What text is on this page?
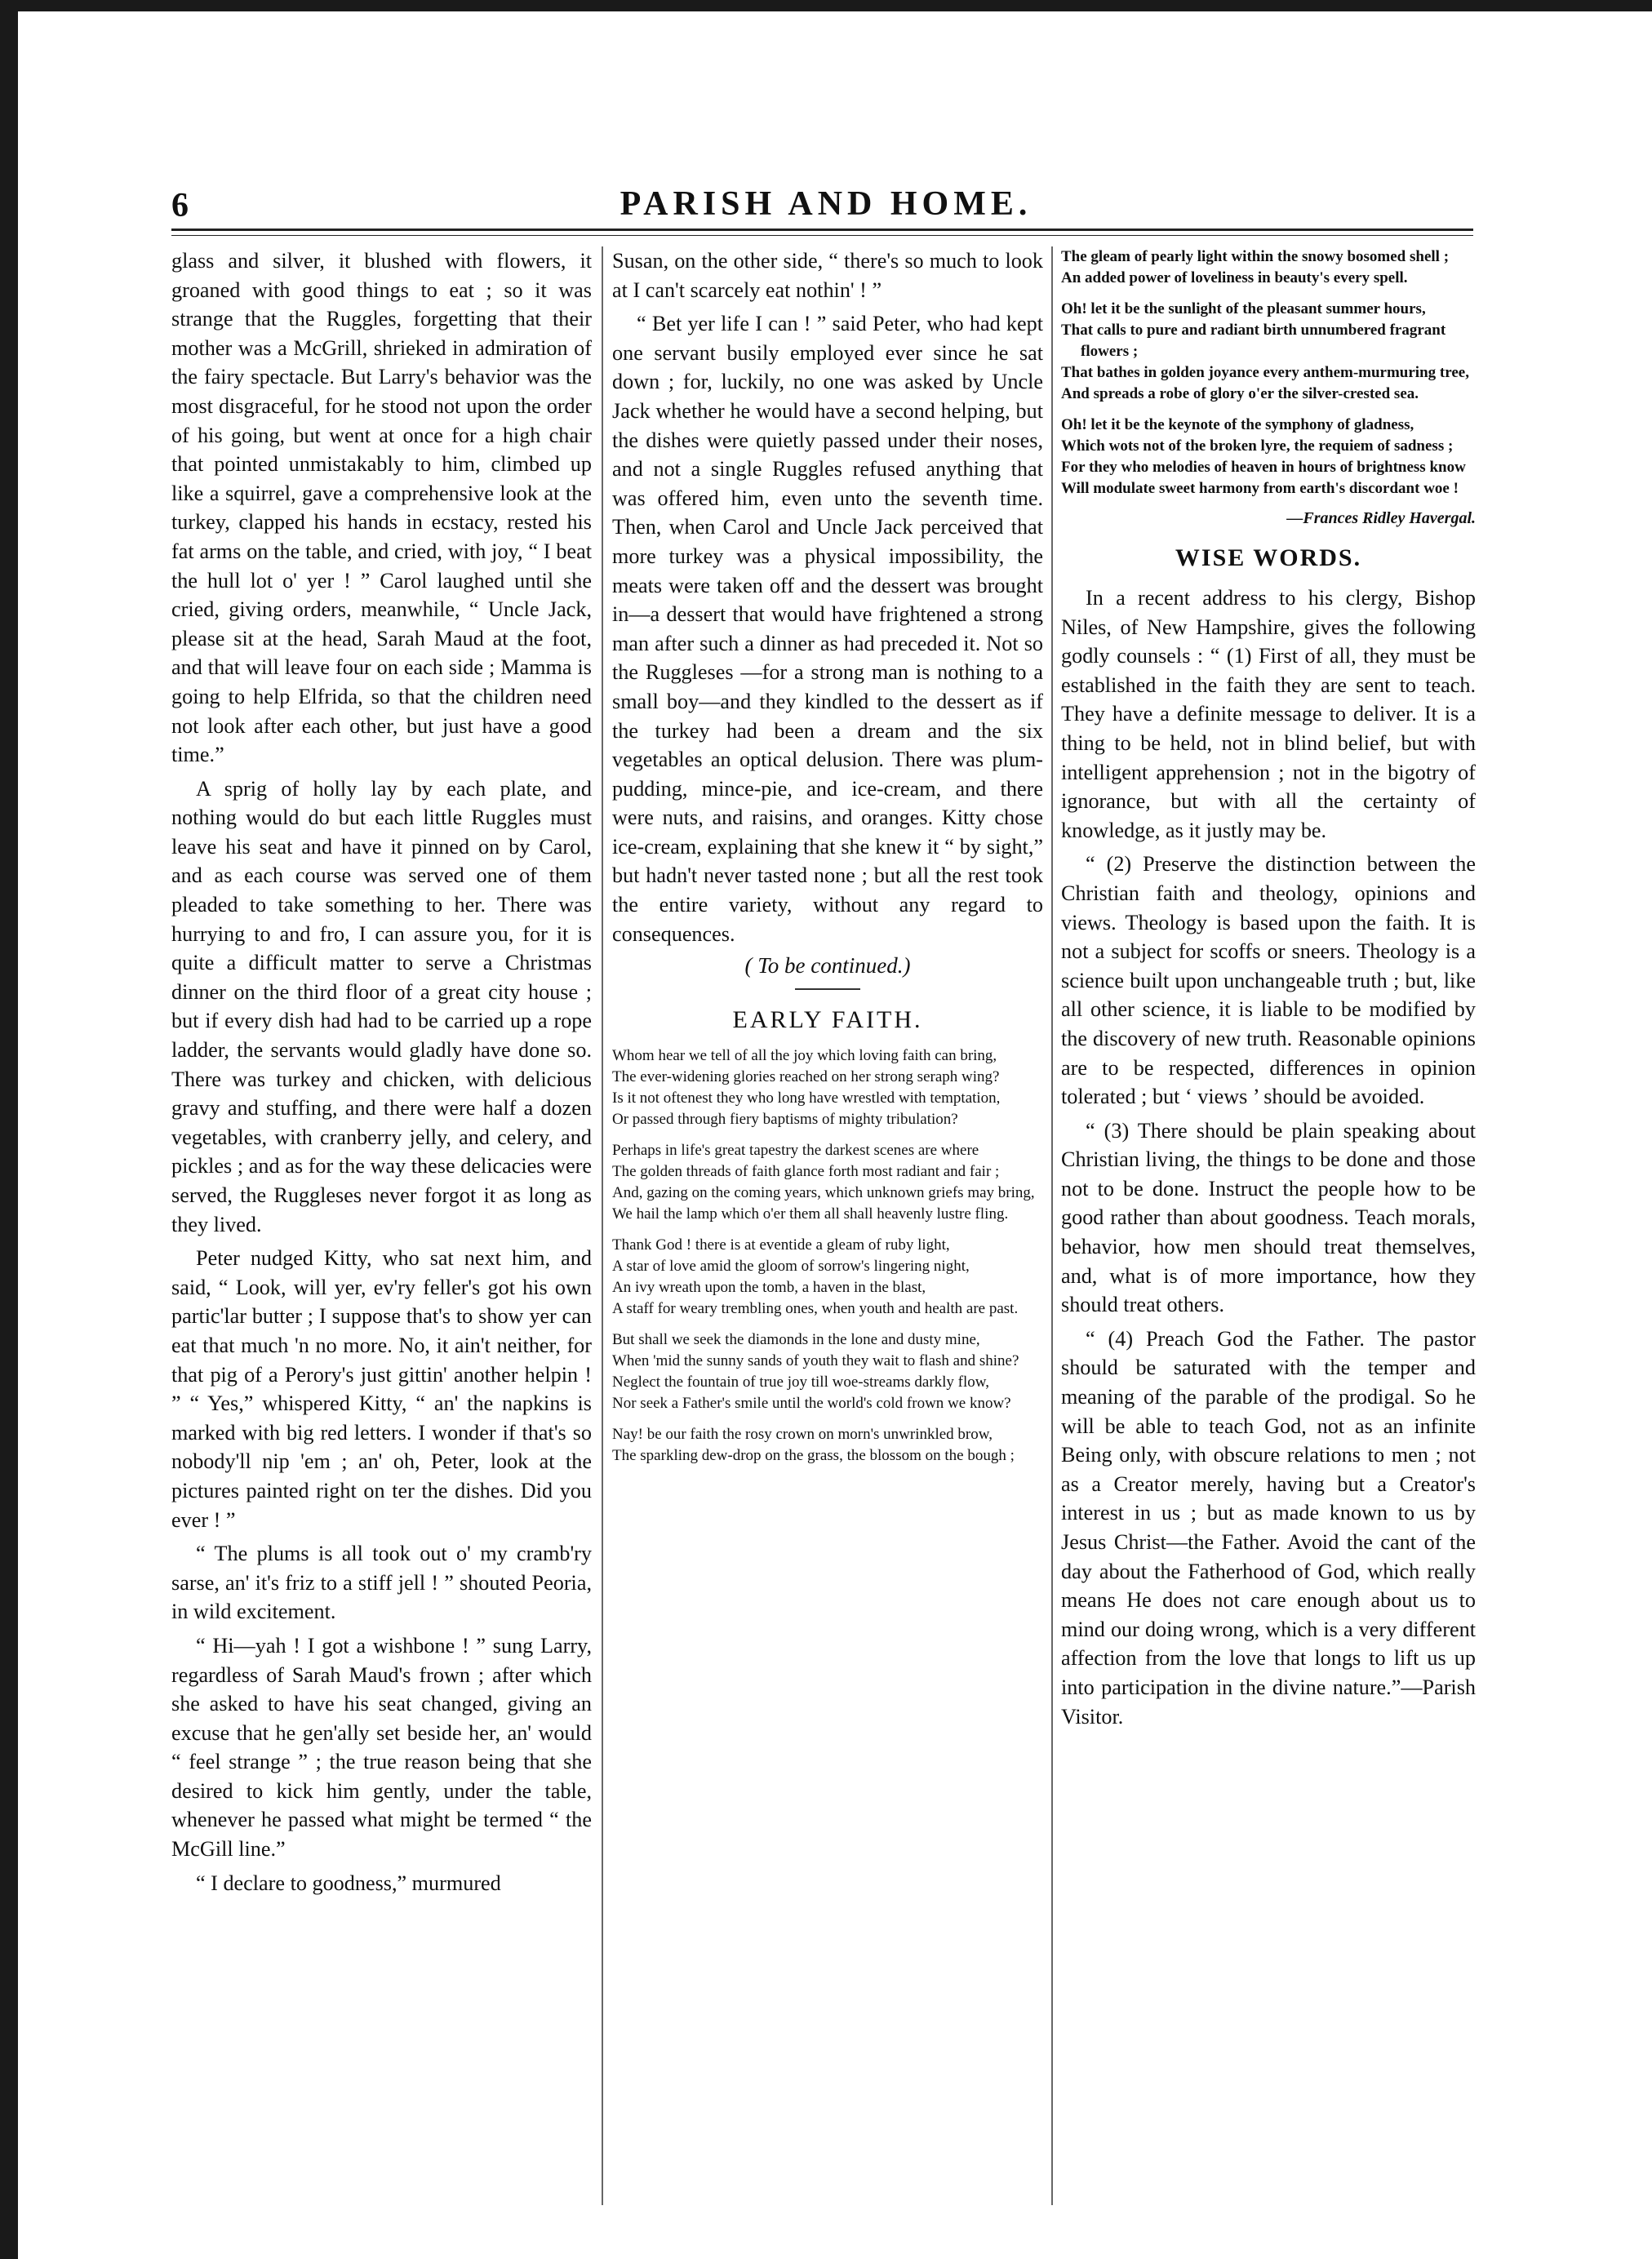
6	PARISH AND HOME.

glass and silver, it blushed with flowers, it groaned with good things to eat ; so it was strange that the Ruggles, forgetting that their mother was a McGrill, shrieked in admiration of the fairy spectacle. But Larry's behavior was the most disgraceful, for he stood not upon the order of his going, but went at once for a high chair that pointed unmistakably to him, climbed up like a squirrel, gave a comprehensive look at the turkey, clapped his hands in ecstacy, rested his fat arms on the table, and cried, with joy, “ I beat the hull lot o' yer ! ” Carol laughed until she cried, giving orders, meanwhile, “ Uncle Jack, please sit at the head, Sarah Maud at the foot, and that will leave four on each side ; Mamma is going to help Elfrida, so that the children need not look after each other, but just have a good time.”

A sprig of holly lay by each plate, and nothing would do but each little Ruggles must leave his seat and have it pinned on by Carol, and as each course was served one of them pleaded to take something to her. There was hurrying to and fro, I can assure you, for it is quite a difficult matter to serve a Christmas dinner on the third floor of a great city house ; but if every dish had had to be carried up a rope ladder, the servants would gladly have done so. There was turkey and chicken, with delicious gravy and stuffing, and there were half a dozen vegetables, with cranberry jelly, and celery, and pickles ; and as for the way these delicacies were served, the Ruggleses never forgot it as long as they lived.

Peter nudged Kitty, who sat next him, and said, “ Look, will yer, ev'ry feller's got his own partic'lar butter ; I suppose that's to show yer can eat that much 'n no more. No, it ain't neither, for that pig of a Perory's just gittin' another helpin ! ” “ Yes,” whispered Kitty, “ an' the napkins is marked with big red letters. I wonder if that's so nobody'll nip 'em ; an' oh, Peter, look at the pictures painted right on ter the dishes. Did you ever ! ”

“ The plums is all took out o' my cramb'ry sarse, an' it's friz to a stiff jell ! ” shouted Peoria, in wild excitement.

“ Hi—yah ! I got a wishbone ! ” sung Larry, regardless of Sarah Maud's frown ; after which she asked to have his seat changed, giving an excuse that he gen'ally set beside her, an' would “ feel strange ” ; the true reason being that she desired to kick him gently, under the table, whenever he passed what might be termed “ the McGill line.”

“ I declare to goodness,” murmured

Susan, on the other side, “ there's so much to look at I can't scarcely eat nothin' ! ”

“ Bet yer life I can ! ” said Peter, who had kept one servant busily employed ever since he sat down ; for, luckily, no one was asked by Uncle Jack whether he would have a second helping, but the dishes were quietly passed under their noses, and not a single Ruggles refused anything that was offered him, even unto the seventh time. Then, when Carol and Uncle Jack perceived that more turkey was a physical impossibility, the meats were taken off and the dessert was brought in—a dessert that would have frightened a strong man after such a dinner as had preceded it. Not so the Ruggleses —for a strong man is nothing to a small boy—and they kindled to the dessert as if the turkey had been a dream and the six vegetables an optical delusion. There was plum-pudding, mince-pie, and ice-cream, and there were nuts, and raisins, and oranges. Kitty chose ice-cream, explaining that she knew it “ by sight,” but hadn't never tasted none ; but all the rest took the entire variety, without any regard to consequences.

( To be continued.)
EARLY FAITH.

Whom hear we tell of all the joy which loving faith can bring,

The ever-widening glories reached on her strong seraph wing?

Is it not oftenest they who long have wrestled with temptation,

Or passed through fiery baptisms of mighty tribulation?

Perhaps in life's great tapestry the darkest scenes are where

The golden threads of faith glance forth most radiant and fair ;

And, gazing on the coming years, which unknown griefs may bring,

We hail the lamp which o'er them all shall heavenly lustre fling.

Thank God ! there is at eventide a gleam of ruby light,

A star of love amid the gloom of sorrow's lingering night,

An ivy wreath upon the tomb, a haven in the blast,

A staff for weary trembling ones, when youth and health are past.

But shall we seek the diamonds in the lone and dusty mine,

When 'mid the sunny sands of youth they wait to flash and shine?

Neglect the fountain of true joy till woe-streams darkly flow,

Nor seek a Father's smile until the world's cold frown we know?

Nay! be our faith the rosy crown on morn's unwrinkled brow,

The sparkling dew-drop on the grass, the blossom on the bough ;

The gleam of pearly light within the snowy bosomed shell ;

An added power of loveliness in beauty's every spell.

Oh! let it be the sunlight of the pleasant summer hours,

That calls to pure and radiant birth unnumbered fragrant flowers ;

That bathes in golden joyance every anthem-murmuring tree,

And spreads a robe of glory o'er the silver-crested sea.

Oh! let it be the keynote of the symphony of gladness,

Which wots not of the broken lyre, the requiem of sadness ;

For they who melodies of heaven in hours of brightness know

Will modulate sweet harmony from earth's discordant woe !

—Frances Ridley Havergal.
WISE WORDS.

In a recent address to his clergy, Bishop Niles, of New Hampshire, gives the following godly counsels : “ (1) First of all, they must be established in the faith they are sent to teach. They have a definite message to deliver. It is a thing to be held, not in blind belief, but with intelligent apprehension ; not in the bigotry of ignorance, but with all the certainty of knowledge, as it justly may be.

“ (2) Preserve the distinction between the Christian faith and theology, opinions and views. Theology is based upon the faith. It is not a subject for scoffs or sneers. Theology is a science built upon unchangeable truth ; but, like all other science, it is liable to be modified by the discovery of new truth. Reasonable opinions are to be respected, differences in opinion tolerated ; but ‘ views ’ should be avoided.

“ (3) There should be plain speaking about Christian living, the things to be done and those not to be done. Instruct the people how to be good rather than about goodness. Teach morals, behavior, how men should treat themselves, and, what is of more importance, how they should treat others.

“ (4) Preach God the Father. The pastor should be saturated with the temper and meaning of the parable of the prodigal. So he will be able to teach God, not as an infinite Being only, with obscure relations to men ; not as a Creator merely, having but a Creator's interest in us ; but as made known to us by Jesus Christ—the Father. Avoid the cant of the day about the Fatherhood of God, which really means He does not care enough about us to mind our doing wrong, which is a very different affection from the love that longs to lift us up into participation in the divine nature.”—Parish Visitor.
